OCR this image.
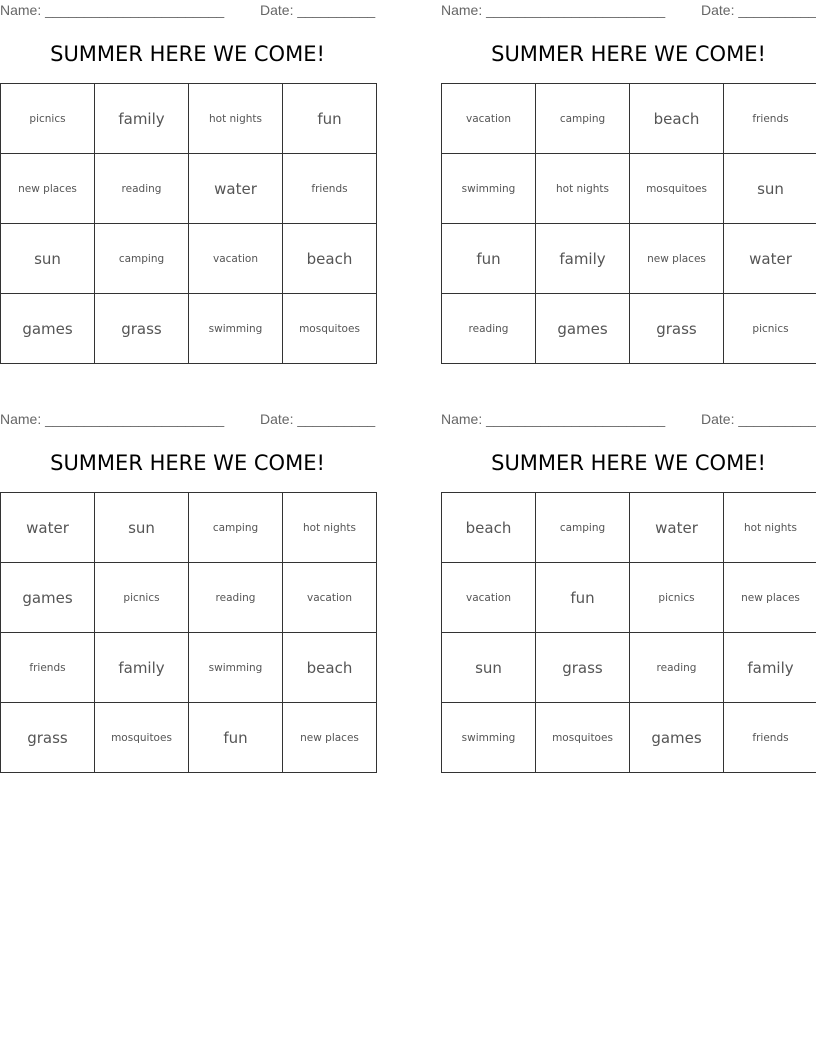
Name: _______________________	Date: __________
SUMMER HERE WE COME!
picnics	family	hot nights	fun
new places	reading	water	friends
sun	camping	vacation	beach
games	grass	swimming	mosquitoes
Name: _______________________	Date: __________
SUMMER HERE WE COME!
vacation	camping	beach	friends
swimming	hot nights	mosquitoes	sun
fun	family	new places	water
reading	games	grass	picnics
Name: _______________________	Date: __________
SUMMER HERE WE COME!
water	sun	camping	hot nights
games	picnics	reading	vacation
friends	family	swimming	beach
grass	mosquitoes	fun	new places
Name: _______________________	Date: __________
SUMMER HERE WE COME!
beach	camping	water	hot nights
vacation	fun	picnics	new places
sun	grass	reading	family
swimming	mosquitoes	games	friends
